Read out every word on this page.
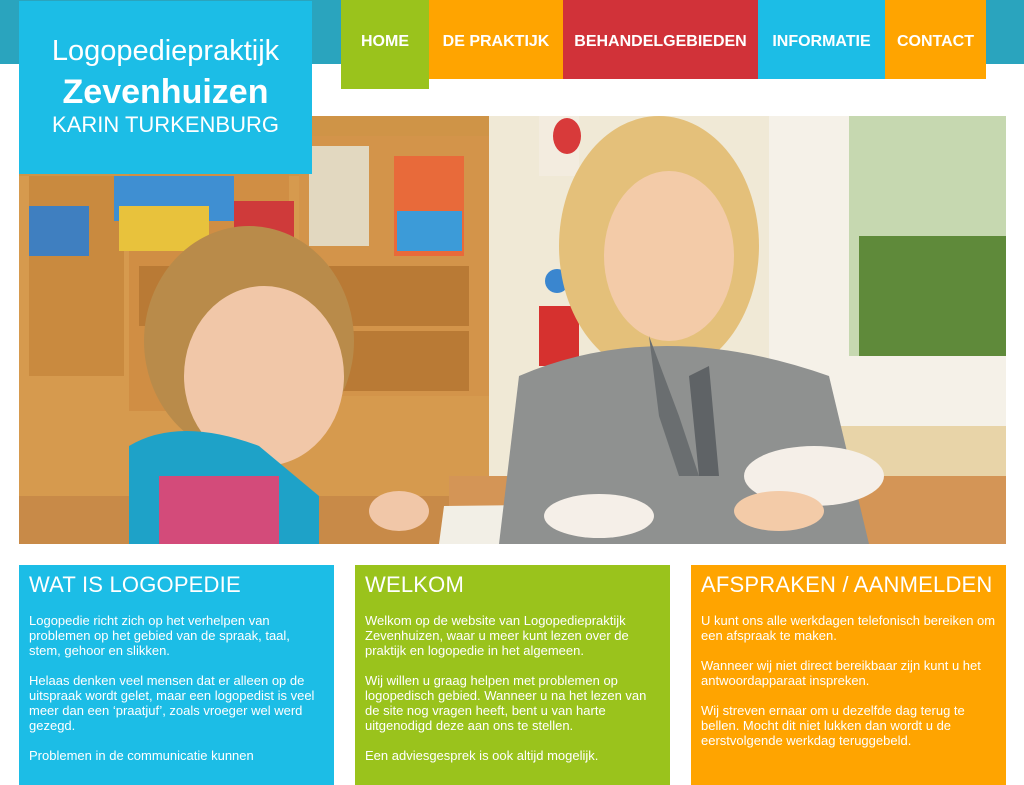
Logopediepraktijk
Zevenhuizen
KARIN TURKENBURG
HOME	DE PRAKTIJK	BEHANDELGEBIEDEN	INFORMATIE	CONTACT
WAT IS LOGOPEDIE

Logopedie richt zich op het verhelpen van problemen op het gebied van de spraak, taal, stem, gehoor en slikken.

Helaas denken veel mensen dat er alleen op de uitspraak wordt gelet, maar een logopedist is veel meer dan een ‘praatjuf’, zoals vroeger wel werd gezegd.

Problemen in de communicatie kunnen

WELKOM

Welkom op de website van Logopediepraktijk Zevenhuizen, waar u meer kunt lezen over de praktijk en logopedie in het algemeen.

Wij willen u graag helpen met problemen op logopedisch gebied. Wanneer u na het lezen van de site nog vragen heeft, bent u van harte uitgenodigd deze aan ons te stellen.

Een adviesgesprek is ook altijd mogelijk.

AFSPRAKEN / AANMELDEN

U kunt ons alle werkdagen telefonisch bereiken om een afspraak te maken.

Wanneer wij niet direct bereikbaar zijn kunt u het antwoordapparaat inspreken.

Wij streven ernaar om u dezelfde dag terug te bellen. Mocht dit niet lukken dan wordt u de eerstvolgende werkdag teruggebeld.
